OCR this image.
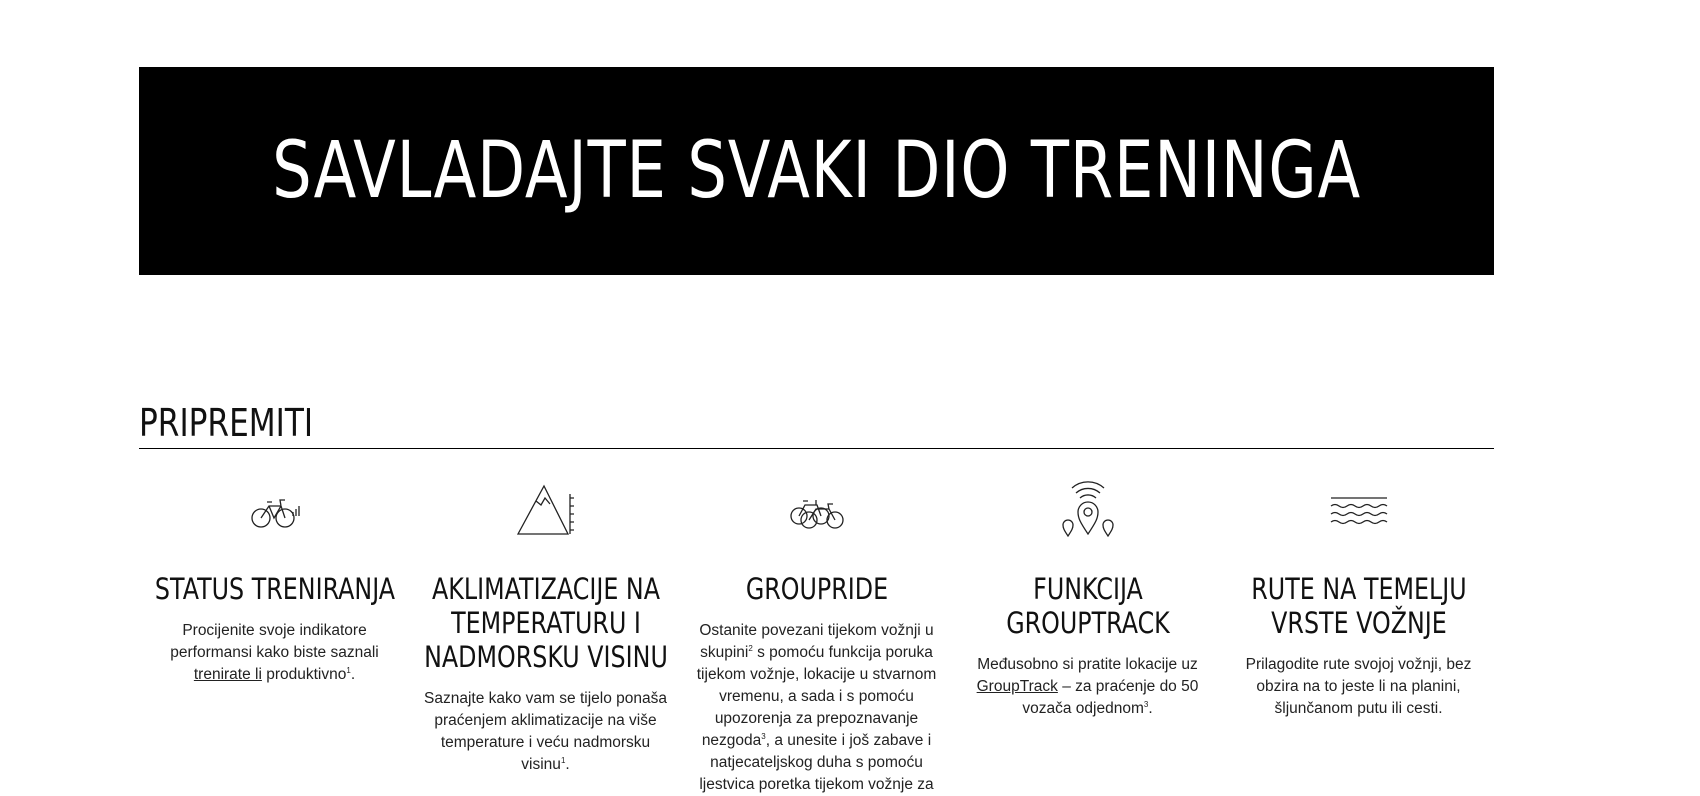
SAVLADAJTE SVAKI DIO TRENINGA
PRIPREMITI
STATUS TRENIRANJA

Procijenite svoje indikatore performansi kako biste saznali trenirate li produktivno$^1$.

AKLIMATIZACIJE NA TEMPERATURU I NADMORSKU VISINU

Saznajte kako vam se tijelo ponaša praćenjem aklimatizacije na više temperature i veću nadmorsku visinu$^1$.

GROUPRIDE

Ostanite povezani tijekom vožnji u skupini$^2$ s pomoću funkcija poruka tijekom vožnje, lokacije u stvarnom vremenu, a sada i s pomoću upozorenja za prepoznavanje nezgoda$^3$, a unesite i još zabave i natjecateljskog duha s pomoću ljestvica poretka tijekom vožnje za

FUNKCIJA GROUPTRACK

Međusobno si pratite lokacije uz GroupTrack – za praćenje do 50 vozača odjednom$^3$.

RUTE NA TEMELJU VRSTE VOŽNJE

Prilagodite rute svojoj vožnji, bez obzira na to jeste li na planini, šljunčanom putu ili cesti.
